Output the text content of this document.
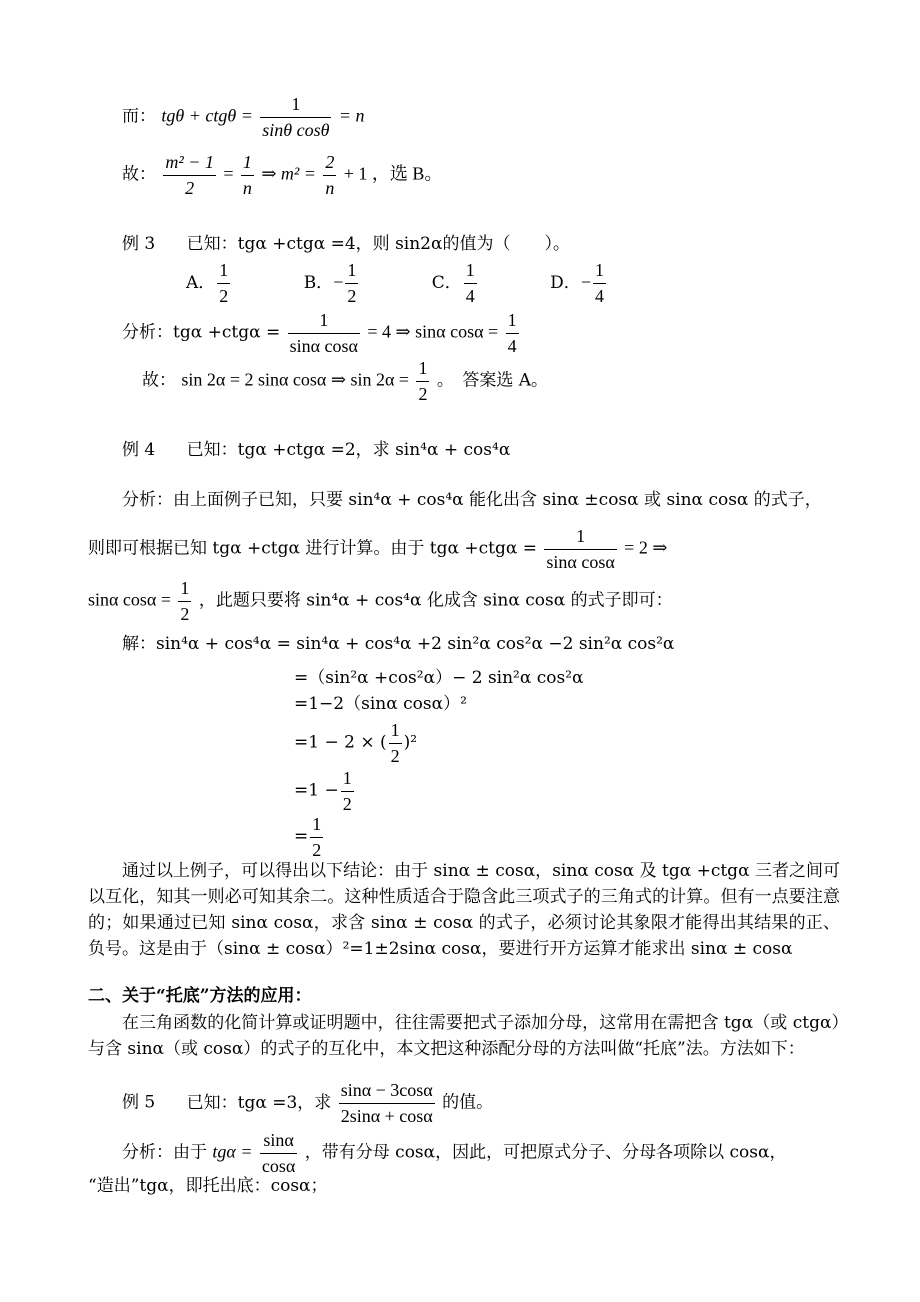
而： $tg\theta + ctg\theta = \frac{1}{\text{sinθ cosθ}} = n$
故： $\frac{\text{m² − 1}}{2} = \frac{1}{n}$ ⇒ $m^2 = \frac{2}{n} + 1$ ，选 B。
例 3 已知：tgα +ctgα =4，则 sin2α的值为（　　）。
A． $\frac{1}{2}$	B．− $\frac{1}{2}$	C． $\frac{1}{4}$	D．− $\frac{1}{4}$
分析：$tg\alpha +ctg\alpha = \frac{1}{\text{sinα cosα}} = 4$ ⇒ sinα $\cos\alpha = \frac{1}{4}$
故： sin 2α = 2 sinα cosα ⇒ $\sin 2\alpha = \frac{1}{2}$ 。　答案选 A。
例 4 已知：tgα +ctgα =2，求 sin⁴α + cos⁴α
分析：由上面例子已知，只要 sin⁴α + cos⁴α 能化出含 sinα ±cosα 或 sinα cosα 的式子，
则即可根据已知 tgα +ctgα 进行计算。由于 $tg\alpha +ctg\alpha = \frac{1}{\text{sinα cosα}} = 2$ ⇒
sinα $\cos\alpha = \frac{1}{2}$ ，此题只要将 sin⁴α + cos⁴α 化成含 sinα cosα 的式子即可：
解：sin⁴α + cos⁴α = sin⁴α + cos⁴α +2 sin²α cos²α −2 sin²α cos²α
=（sin²α +cos²α）− 2 sin²α cos²α
=1−2（sinα cosα）²
=1 − 2 × ( $\frac{1}{2} )^2$
$=1 - \frac{1}{2}$
= $\frac{1}{2}$
通过以上例子，可以得出以下结论：由于 sinα ± cosα，sinα cosα 及 tgα +ctgα 三者之间可以互化，知其一则必可知其余二。这种性质适合于隐含此三项式子的三角式的计算。但有一点要注意的；如果通过已知 sinα cosα，求含 sinα ± cosα 的式子，必须讨论其象限才能得出其结果的正、负号。这是由于（sinα ± cosα）²=1±2sinα cosα，要进行开方运算才能求出 sinα ± cosα
二、关于“托底”方法的应用：
在三角函数的化简计算或证明题中，往往需要把式子添加分母，这常用在需把含 tgα（或 ctgα）与含 sinα（或 cosα）的式子的互化中，本文把这种添配分母的方法叫做“托底”法。方法如下：
例 5 已知：tgα =3，求 $\frac{\sin\alpha - 3\cos\alpha}{2\sin\alpha + \cos\alpha}$ 的值。
分析：由于 $tg\alpha = \frac{\sin\alpha}{\cos\alpha}$ ，带有分母 cosα，因此，可把原式分子、分母各项除以 cosα，
“造出”tgα，即托出底：cosα；
